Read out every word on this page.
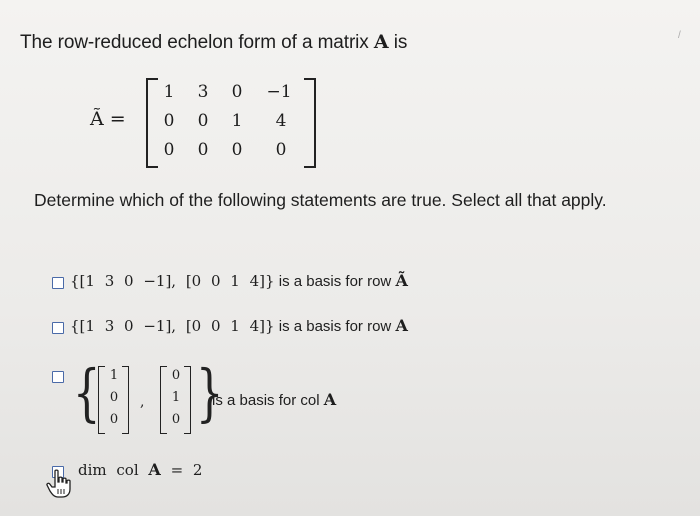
The row-reduced echelon form of a matrix A is
Ã =
1	3	0	−1
0	0	1	4
0	0	0	0
Determine which of the following statements are true. Select all that apply.
{[1 3 0 −1], [0 0 1 4]} is a basis for row Ã
{[1 3 0 −1], [0 0 1 4]} is a basis for row A
{ 1
0
0
,
0
1
0 }
is a basis for col A
dim col A = 2
/
